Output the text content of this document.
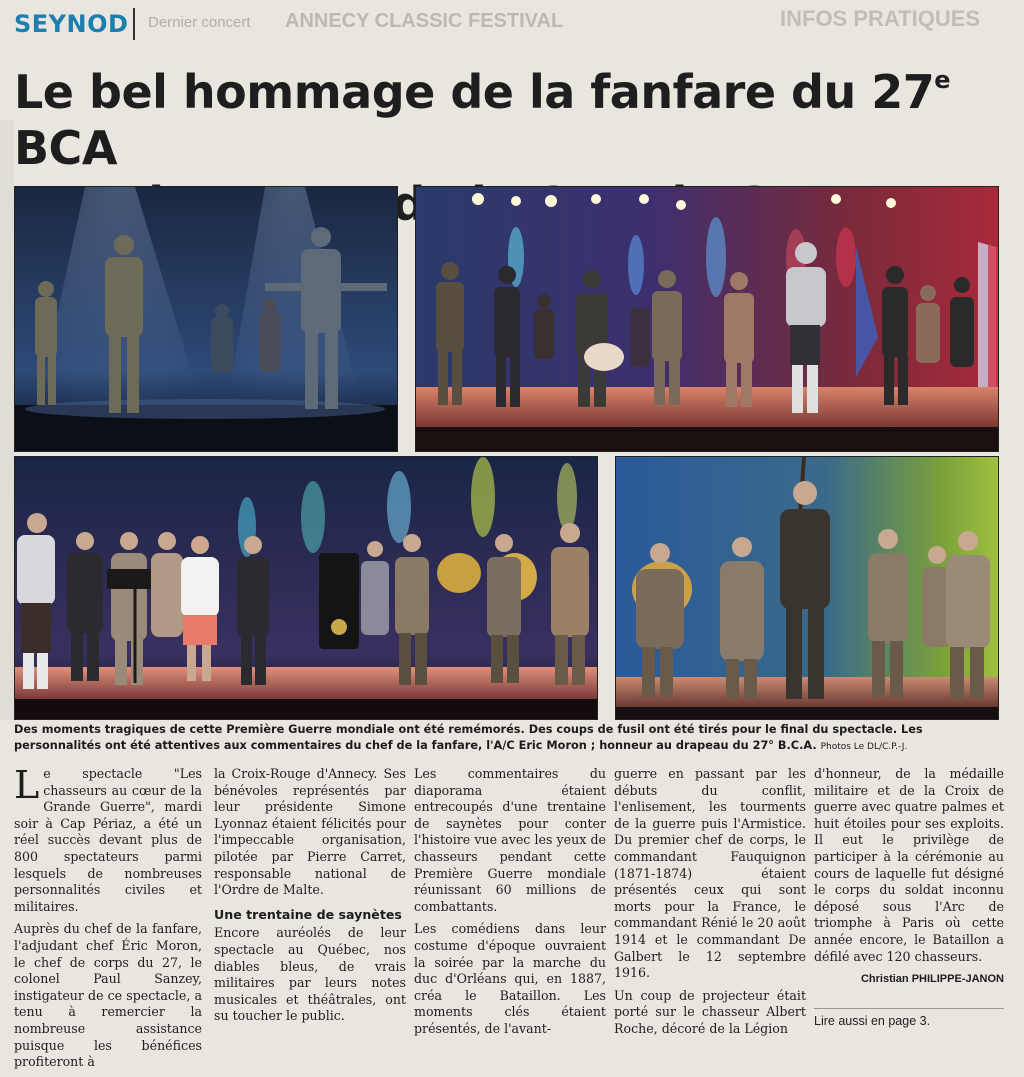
SEYNOD Dernier concert ANNECY CLASSIC FESTIVAL	INFOS PRATIQUES
Le bel hommage de la fanfare du 27e BCA

Des moments tragiques de cette Première Guerre mondiale ont été remémorés. Des coups de fusil ont été tirés pour le final du spectacle. Les personnalités ont été attentives aux commentaires du chef de la fanfare, l'A/C Eric Moron ; honneur au drapeau du 27° B.C.A. Photos Le DL/C.P.-J.

Le spectacle "Les chasseurs au cœur de la Grande Guerre", mardi soir à Cap Périaz, a été un réel succès devant plus de 800 spectateurs parmi lesquels de nombreuses personnalités civiles et militaires.

Auprès du chef de la fanfare, l'adjudant chef Éric Moron, le chef de corps du 27, le colonel Paul Sanzey, instigateur de ce spectacle, a tenu à remercier la nombreuse assistance puisque les bénéfices profiteront à

la Croix-Rouge d'Annecy. Ses bénévoles représentés par leur présidente Simone Lyonnaz étaient félicités pour l'impeccable organisation, pilotée par Pierre Carret, responsable national de l'Ordre de Malte.

Une trentaine de saynètes

Encore auréolés de leur spectacle au Québec, nos diables bleus, de vrais militaires par leurs notes musicales et théâtrales, ont su toucher le public.

Les commentaires du diaporama étaient entrecoupés d'une trentaine de saynètes pour conter l'histoire vue avec les yeux de chasseurs pendant cette Première Guerre mondiale réunissant 60 millions de combattants.

Les comédiens dans leur costume d'époque ouvraient la soirée par la marche du duc d'Orléans qui, en 1887, créa le Bataillon. Les moments clés étaient présentés, de l'avant-

guerre en passant par les débuts du conflit, l'enlisement, les tourments de la guerre puis l'Armistice. Du premier chef de corps, le commandant Fauquignon (1871-1874) étaient présentés ceux qui sont morts pour la France, le commandant Rénié le 20 août 1914 et le commandant De Galbert le 12 septembre 1916.

Un coup de projecteur était porté sur le chasseur Albert Roche, décoré de la Légion

d'honneur, de la médaille militaire et de la Croix de guerre avec quatre palmes et huit étoiles pour ses exploits. Il eut le privilège de participer à la cérémonie au cours de laquelle fut désigné le corps du soldat inconnu déposé sous l'Arc de triomphe à Paris où cette année encore, le Bataillon a défilé avec 120 chasseurs.

Christian PHILIPPE-JANON
Lire aussi en page 3.
